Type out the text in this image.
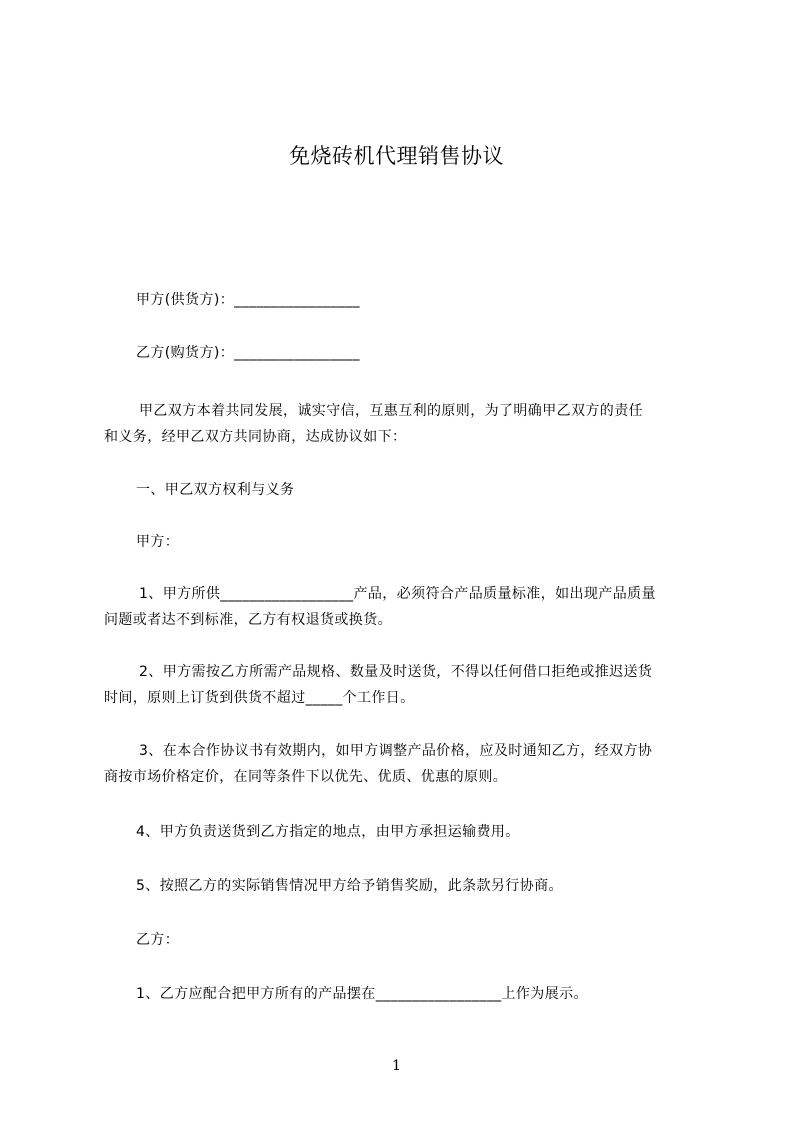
免烧砖机代理销售协议
甲方(供货方)：_________________
乙方(购货方)：_________________
甲乙双方本着共同发展，诚实守信，互惠互利的原则，为了明确甲乙双方的责任
和义务，经甲乙双方共同协商，达成协议如下：
一、甲乙双方权利与义务
甲方：
1、甲方所供__________________产品，必须符合产品质量标准，如出现产品质量
问题或者达不到标准，乙方有权退货或换货。
2、甲方需按乙方所需产品规格、数量及时送货，不得以任何借口拒绝或推迟送货
时间，原则上订货到供货不超过_____个工作日。
3、在本合作协议书有效期内，如甲方调整产品价格，应及时通知乙方，经双方协
商按市场价格定价，在同等条件下以优先、优质、优惠的原则。
4、甲方负责送货到乙方指定的地点，由甲方承担运输费用。
5、按照乙方的实际销售情况甲方给予销售奖励，此条款另行协商。
乙方：
1、乙方应配合把甲方所有的产品摆在_________________上作为展示。
1
